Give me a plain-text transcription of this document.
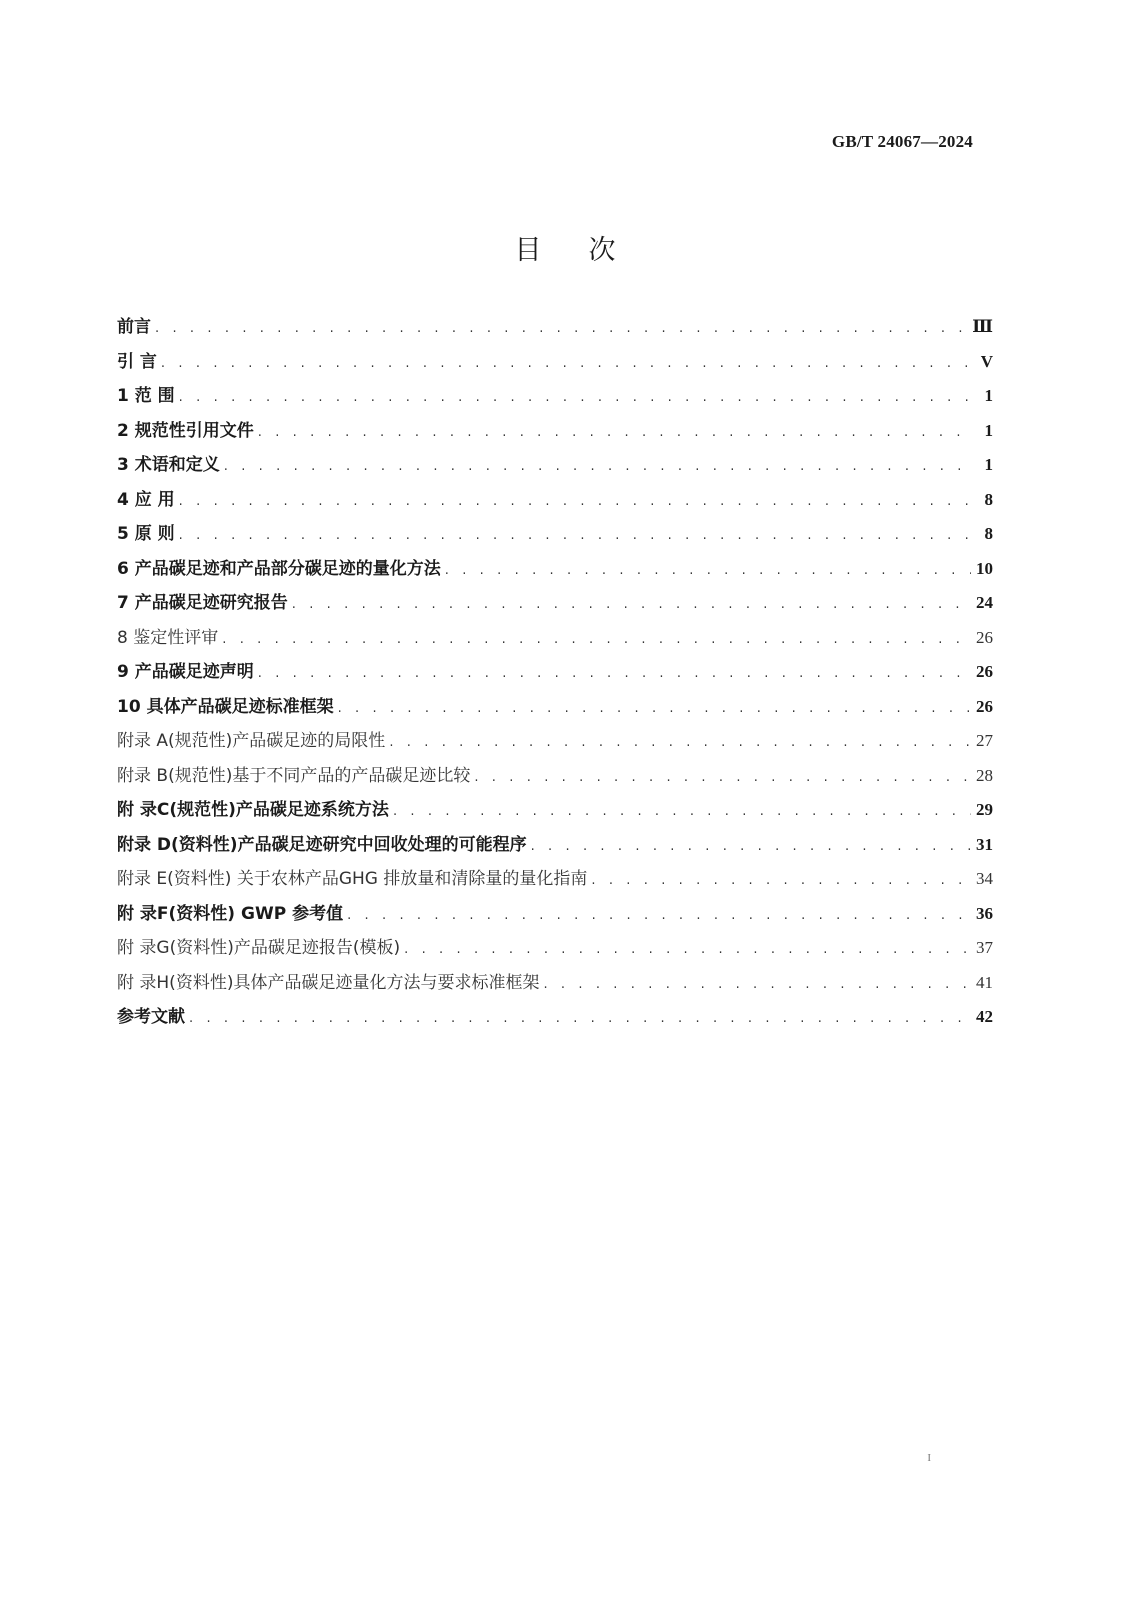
GB/T 24067—2024
目 次
前言 . . .	Ⅲ
引 言 . . .	V
1 范 围 . . .	1
2 规范性引用文件 . . .	1
3 术语和定义 . . .	1
4 应 用 . . .	8
5 原 则 . . .	8
6 产品碳足迹和产品部分碳足迹的量化方法 . . .	10
7 产品碳足迹研究报告 . . .	24
8 鉴定性评审 . . .	26
9 产品碳足迹声明 . . .	26
10 具体产品碳足迹标准框架 . . .	26
附录 A(规范性)产品碳足迹的局限性 . . .	27
附录 B(规范性)基于不同产品的产品碳足迹比较 . . .	28
附 录C(规范性)产品碳足迹系统方法 . . .	29
附录 D(资料性)产品碳足迹研究中回收处理的可能程序 . . .	31
附录 E(资料性) 关于农林产品GHG 排放量和清除量的量化指南 . . .	34
附 录F(资料性) GWP 参考值 . . .	36
附 录G(资料性)产品碳足迹报告(模板) . . .	37
附 录H(资料性)具体产品碳足迹量化方法与要求标准框架 . . .	41
参考文献 . . .	42
I
